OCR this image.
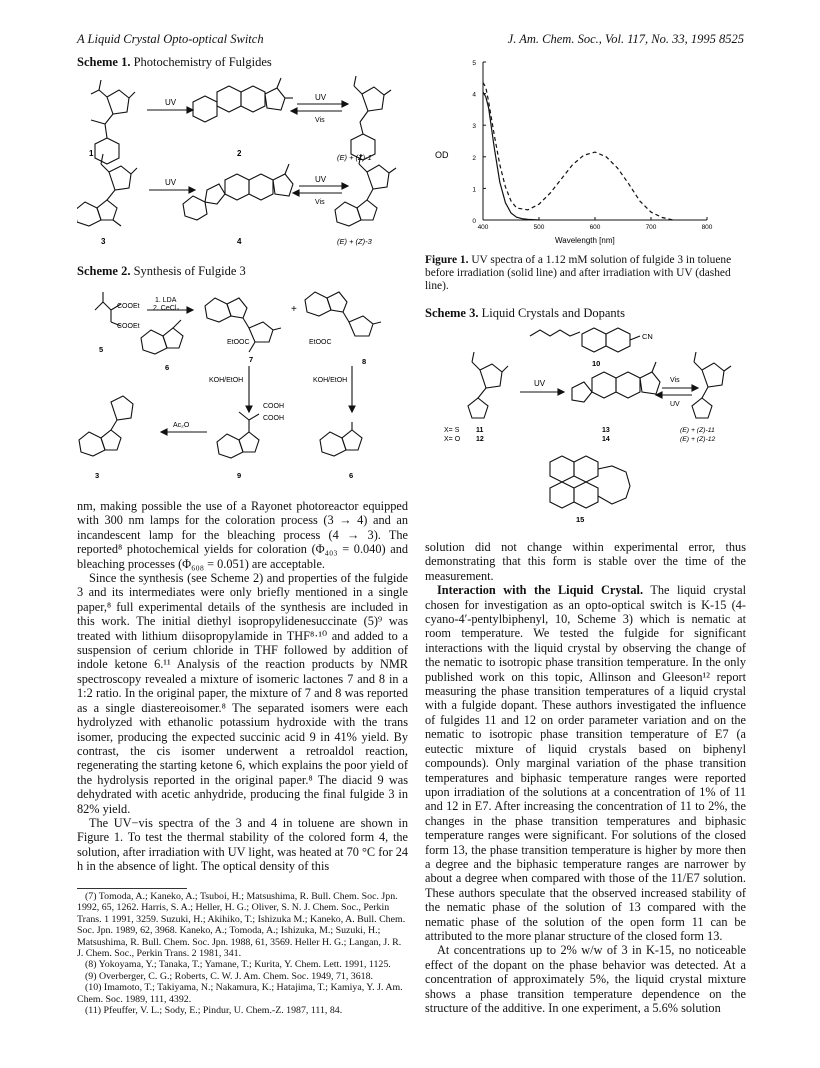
A Liquid Crystal Opto-optical Switch	J. Am. Chem. Soc., Vol. 117, No. 33, 1995 8525
Scheme 1. Photochemistry of Fulgides
UV
UV
Vis
UV	UV
Vis
1	2	(E) + (Z)-1
3	4	(E) + (Z)-3
Scheme 2. Synthesis of Fulgide 3
COOEt
COOEt
1. LDA
2. CeCl₃
5
6
EtOOC	EtOOC
+
7	8
KOH/EtOH	KOH/EtOH
COOH
COOH
Ac₂O
3	9	6

nm, making possible the use of a Rayonet photoreactor equipped with 300 nm lamps for the coloration process (3 → 4) and an incandescent lamp for the bleaching process (4 → 3). The reported⁸ photochemical yields for coloration (Φ₄₀₃ = 0.040) and bleaching processes (Φ₆₀₈ = 0.051) are acceptable.

Since the synthesis (see Scheme 2) and properties of the fulgide 3 and its intermediates were only briefly mentioned in a single paper,⁸ full experimental details of the synthesis are included in this work. The initial diethyl isopropylidenesuccinate (5)⁹ was treated with lithium diisopropylamide in THF⁸·¹⁰ and added to a suspension of cerium chloride in THF followed by addition of indole ketone 6.¹¹ Analysis of the reaction products by NMR spectroscopy revealed a mixture of isomeric lactones 7 and 8 in a 1:2 ratio. In the original paper, the mixture of 7 and 8 was reported as a single diastereoisomer.⁸ The separated isomers were each hydrolyzed with ethanolic potassium hydroxide with the trans isomer, producing the expected succinic acid 9 in 41% yield. By contrast, the cis isomer underwent a retroaldol reaction, regenerating the starting ketone 6, which explains the poor yield of the hydrolysis reported in the original paper.⁸ The diacid 9 was dehydrated with acetic anhydride, producing the final fulgide 3 in 82% yield.

The UV−vis spectra of the 3 and 4 in toluene are shown in Figure 1. To test the thermal stability of the colored form 4, the solution, after irradiation with UV light, was heated at 70 °C for 24 h in the absence of light. The optical density of this

(7) Tomoda, A.; Kaneko, A.; Tsuboi, H.; Matsushima, R. Bull. Chem. Soc. Jpn. 1992, 65, 1262. Harris, S. A.; Heller, H. G.; Oliver, S. N. J. Chem. Soc., Perkin Trans. 1 1991, 3259. Suzuki, H.; Akihiko, T.; Ishizuka M.; Kaneko, A. Bull. Chem. Soc. Jpn. 1989, 62, 3968. Kaneko, A.; Tomoda, A.; Ishizuka, M.; Suzuki, H.; Matsushima, R. Bull. Chem. Soc. Jpn. 1988, 61, 3569. Heller H. G.; Langan, J. R. J. Chem. Soc., Perkin Trans. 2 1981, 341.
(8) Yokoyama, Y.; Tanaka, T.; Yamane, T.; Kurita, Y. Chem. Lett. 1991, 1125.
(9) Overberger, C. G.; Roberts, C. W. J. Am. Chem. Soc. 1949, 71, 3618.
(10) Imamoto, T.; Takiyama, N.; Nakamura, K.; Hatajima, T.; Kamiya, Y. J. Am. Chem. Soc. 1989, 111, 4392.
(11) Pfeuffer, V. L.; Sody, E.; Pindur, U. Chem.-Z. 1987, 111, 84.
0
1
2
3
4
5
400	500	600	700	800
OD
Wavelength [nm]
Figure 1. UV spectra of a 1.12 mM solution of fulgide 3 in toluene before irradiation (solid line) and after irradiation with UV (dashed line).
Scheme 3. Liquid Crystals and Dopants
CN
10
UV	Vis
UV
X= S 11
X= O 12
13
14
(E) + (Z)-11
(E) + (Z)-12
15

solution did not change within experimental error, thus demonstrating that this form is stable over the time of the measurement.

Interaction with the Liquid Crystal. The liquid crystal chosen for investigation as an opto-optical switch is K-15 (4-cyano-4′-pentylbiphenyl, 10, Scheme 3) which is nematic at room temperature. We tested the fulgide for significant interactions with the liquid crystal by observing the change of the nematic to isotropic phase transition temperature. In the only published work on this topic, Allinson and Gleeson¹² report measuring the phase transition temperatures of a liquid crystal with a fulgide dopant. These authors investigated the influence of fulgides 11 and 12 on order parameter variation and on the nematic to isotropic phase transition temperature of E7 (a eutectic mixture of liquid crystals based on biphenyl compounds). Only marginal variation of the phase transition temperatures and biphasic temperature ranges were reported upon irradiation of the solutions at a concentration of 1% of 11 and 12 in E7. After increasing the concentration of 11 to 2%, the changes in the phase transition temperatures and biphasic temperature ranges were significant. For solutions of the closed form 13, the phase transition temperature is higher by more then a degree and the biphasic temperature ranges are narrower by about a degree when compared with those of the 11/E7 solution. These authors speculate that the observed increased stability of the nematic phase of the solution of 13 compared with the nematic phase of the solution of the open form 11 can be attributed to the more planar structure of the closed form 13.

At concentrations up to 2% w/w of 3 in K-15, no noticeable effect of the dopant on the phase behavior was detected. At a concentration of approximately 5%, the liquid crystal mixture shows a phase transition temperature dependence on the structure of the additive. In one experiment, a 5.6% solution
